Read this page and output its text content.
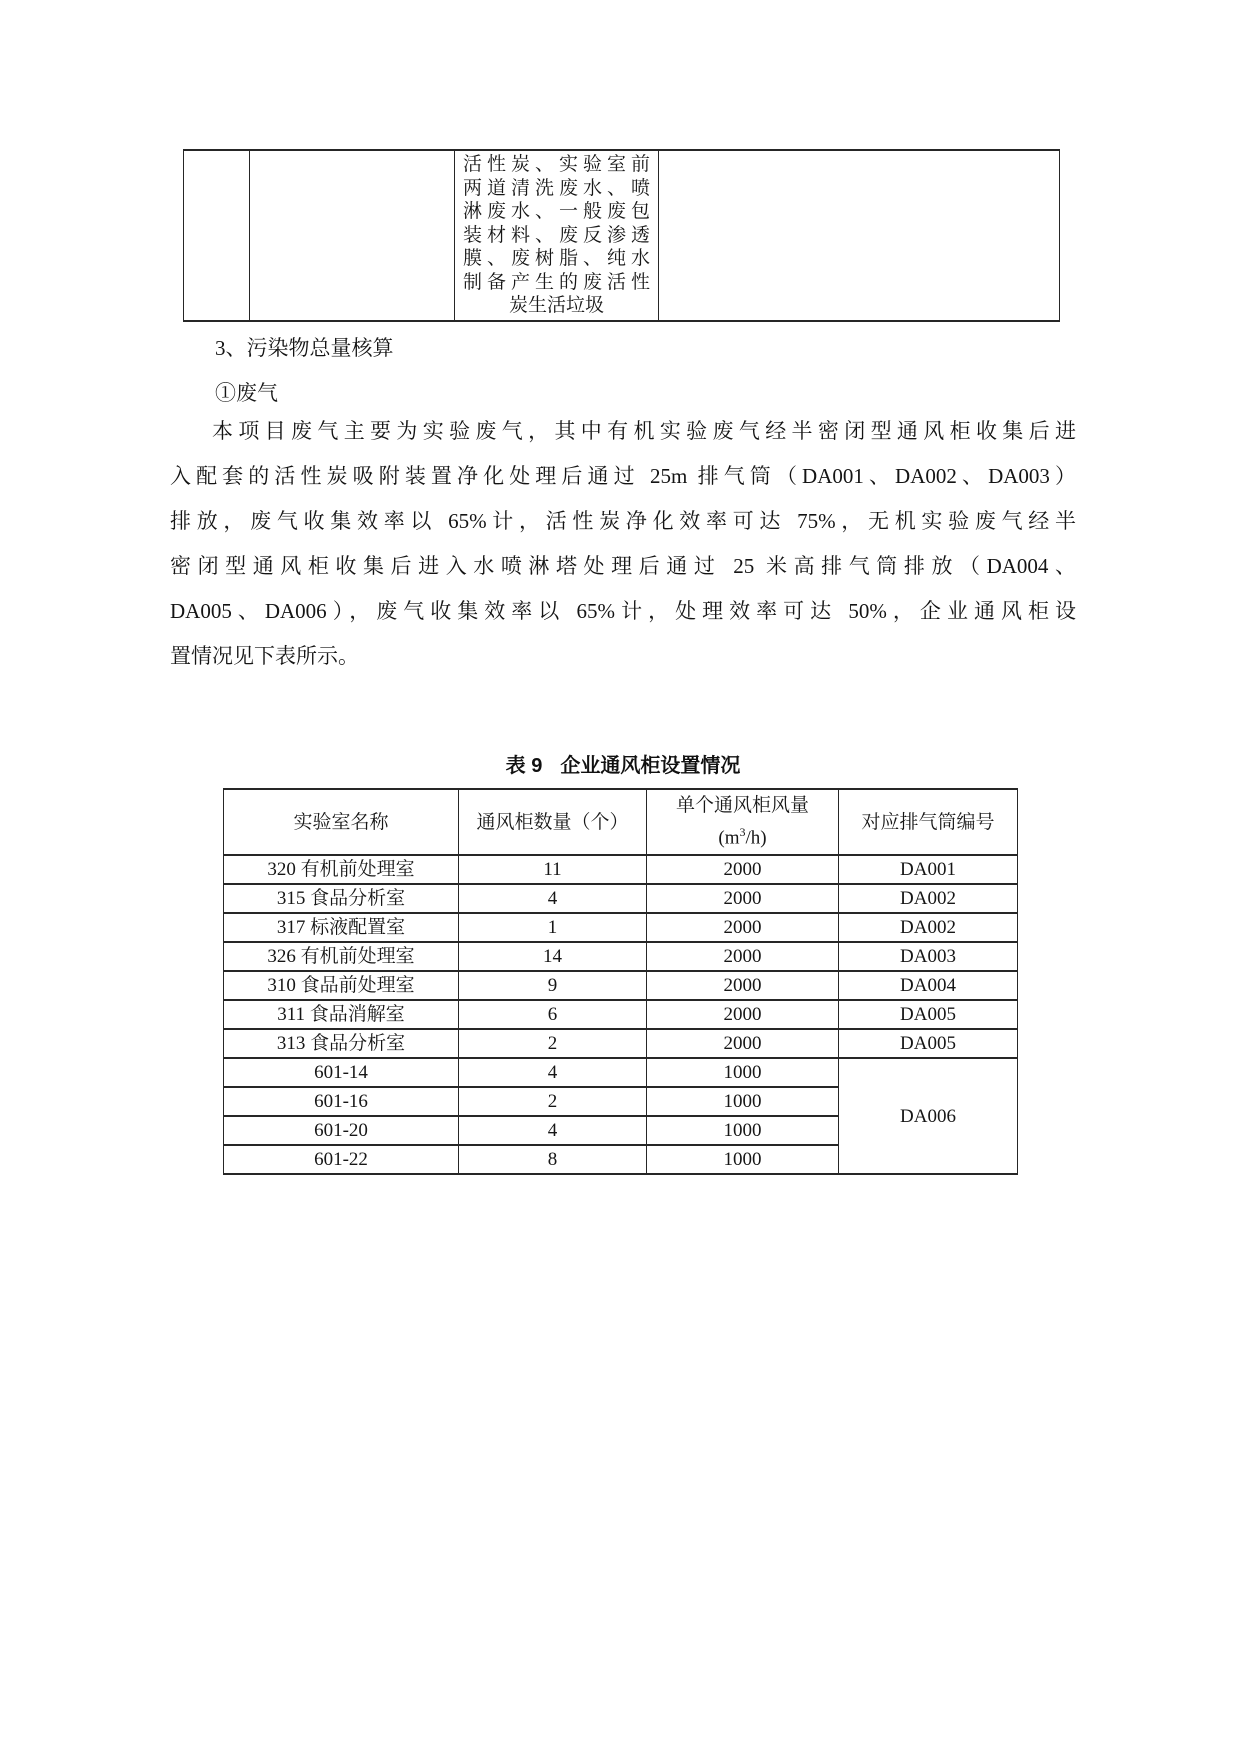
活性炭、实验室前
两道清洗废水、喷
淋废水、一般废包
装材料、废反渗透
膜、废树脂、纯水
制备产生的废活性
炭生活垃圾

3、污染物总量核算
①废气
本项目废气主要为实验废气，其中有机实验废气经半密闭型通风柜收集后进
入配套的活性炭吸附装置净化处理后通过 25m 排气筒（DA001、DA002、DA003）
排放，废气收集效率以 65%计，活性炭净化效率可达 75%，无机实验废气经半
密闭型通风柜收集后进入水喷淋塔处理后通过 25 米高排气筒排放（DA004、
DA005、DA006），废气收集效率以 65%计，处理效率可达 50%，企业通风柜设
置情况见下表所示。
表 9 企业通风柜设置情况
实验室名称	通风柜数量（个）	单个通风柜风量
$(m^3/h)$	对应排气筒编号
320 有机前处理室	11	2000	DA001
315 食品分析室	4	2000	DA002
317 标液配置室	1	2000	DA002
326 有机前处理室	14	2000	DA003
310 食品前处理室	9	2000	DA004
311 食品消解室	6	2000	DA005
313 食品分析室	2	2000	DA005
601-14	4	1000	DA006
601-16	2	1000	
601-20	4	1000	
601-22	8	1000	
